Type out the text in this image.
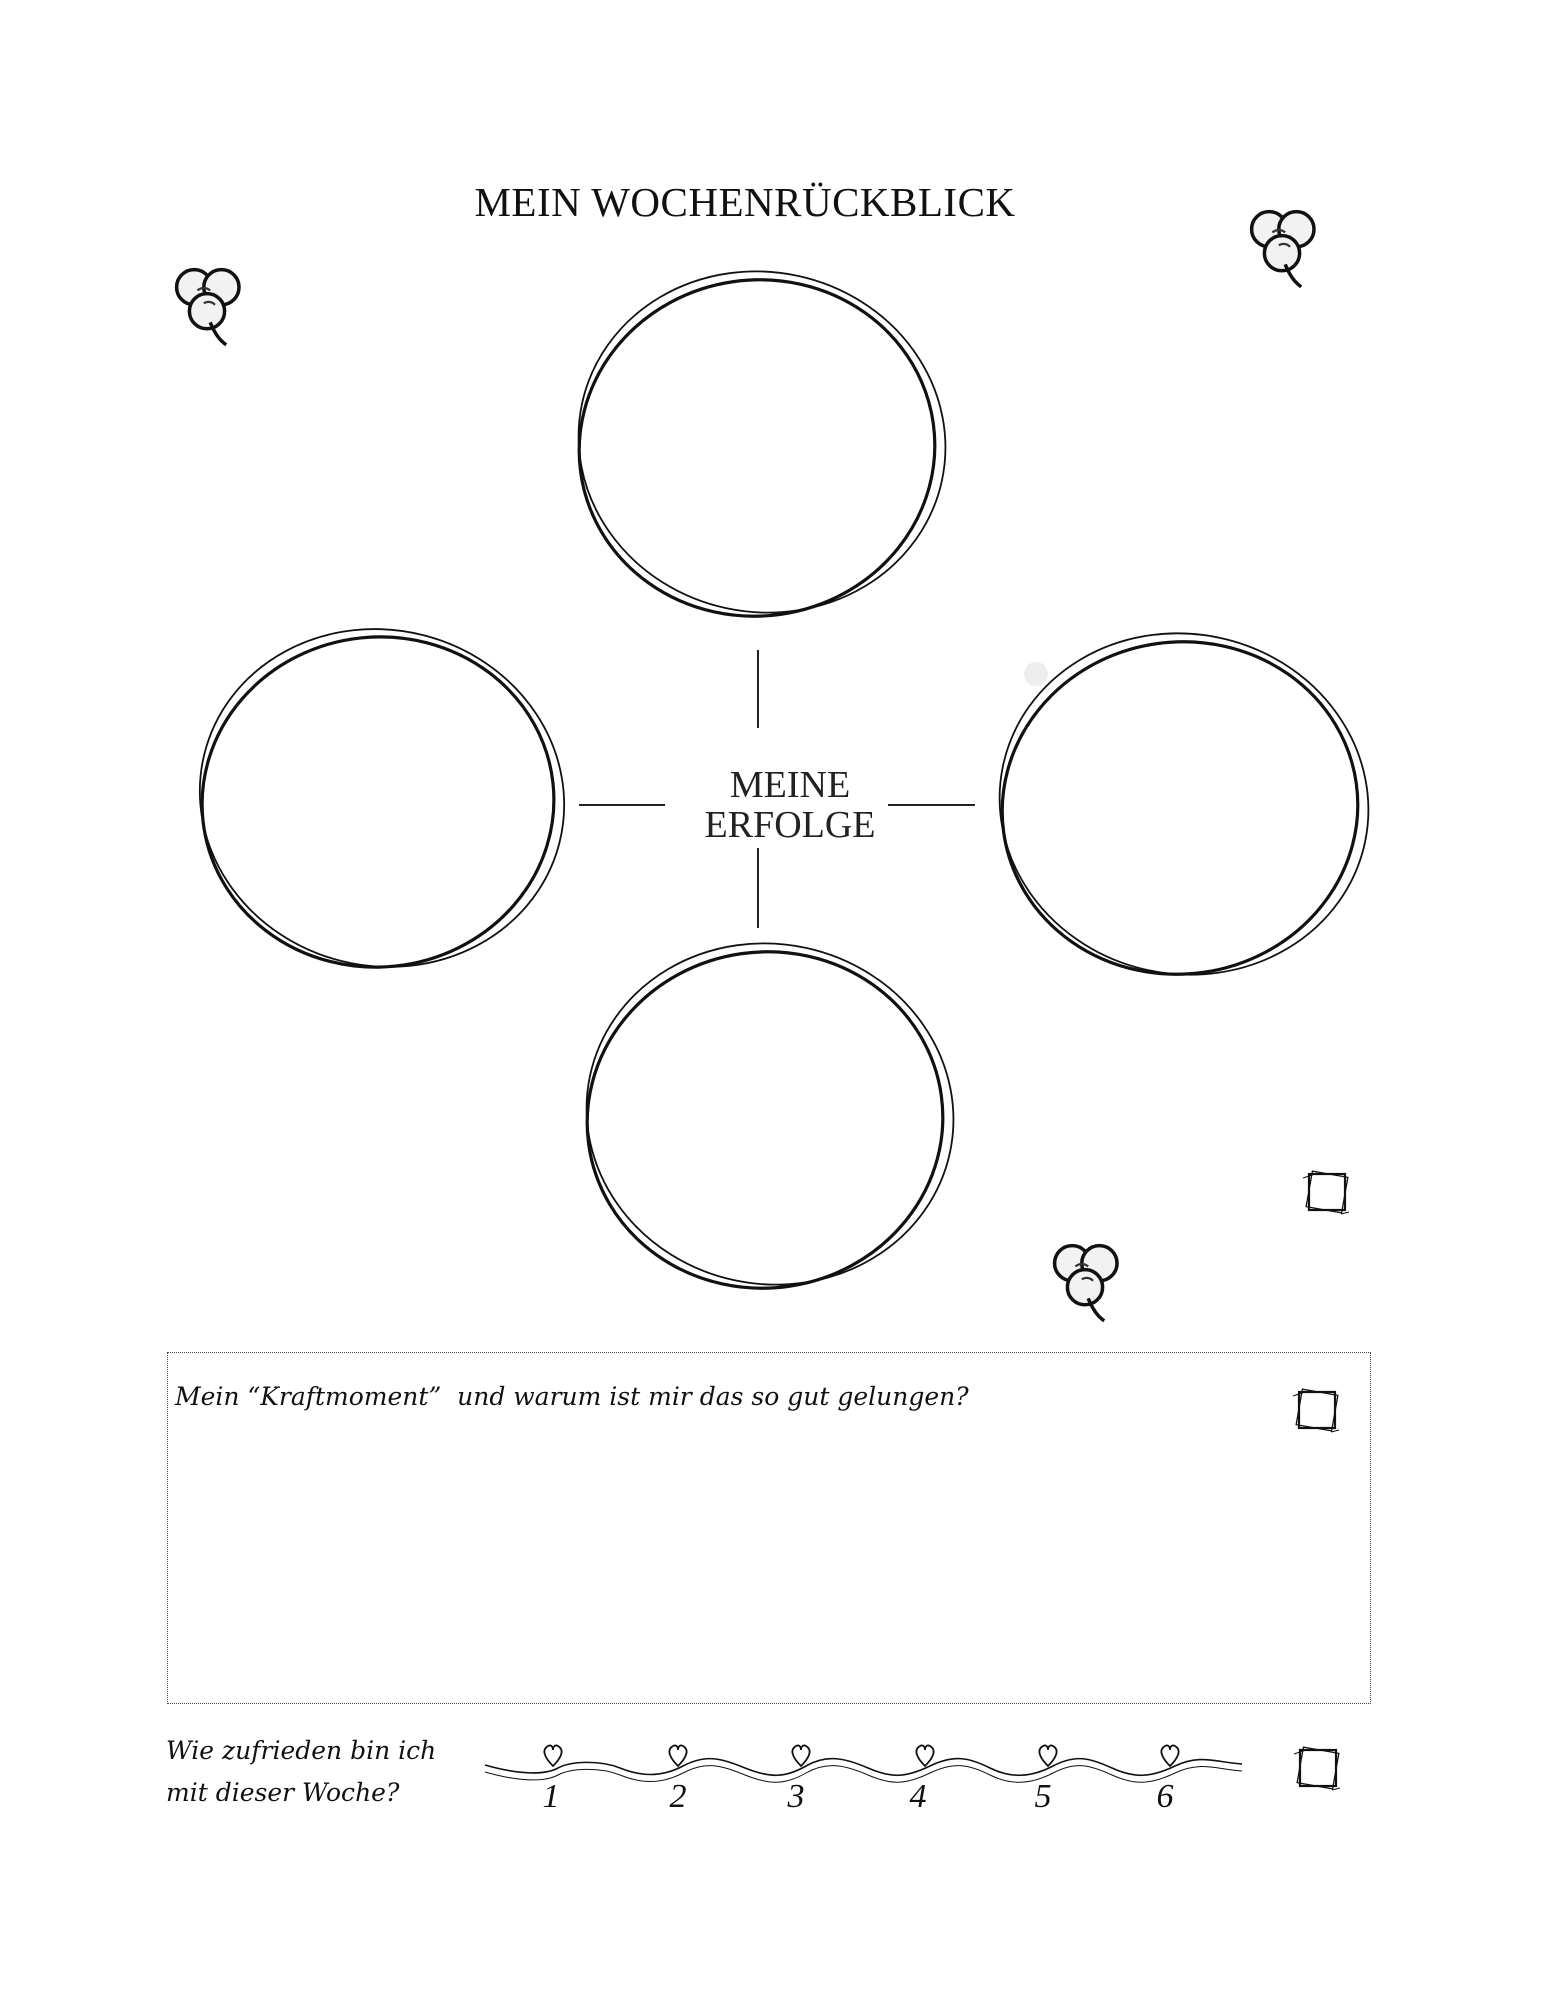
MEIN WOCHENRÜCKBLICK
MEINE
ERFOLGE
Mein “Kraftmoment”  und warum ist mir das so gut gelungen?
Wie zufrieden bin ich
mit dieser Woche?	1	2	3	4	5	6
